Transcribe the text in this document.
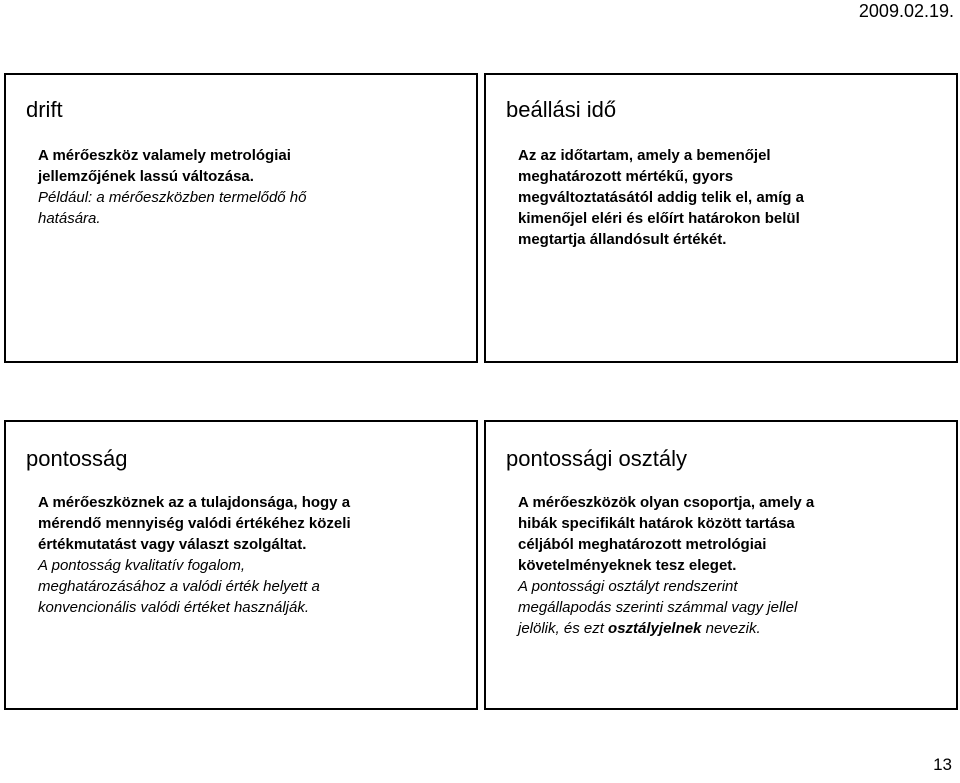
2009.02.19.
drift

A mérőeszköz valamely metrológiai

jellemzőjének lassú változása.

Például: a mérőeszközben termelődő hő

hatására.

beállási idő

Az az időtartam, amely a bemenőjel

meghatározott mértékű, gyors

megváltoztatásától addig telik el, amíg a

kimenőjel eléri és előírt határokon belül

megtartja állandósult értékét.

pontosság

A mérőeszköznek az a tulajdonsága, hogy a

mérendő mennyiség valódi értékéhez közeli

értékmutatást vagy választ szolgáltat.

A pontosság kvalitatív fogalom,

meghatározásához a valódi érték helyett a

konvencionális valódi értéket használják.

pontossági osztály

A mérőeszközök olyan csoportja, amely a

hibák specifikált határok között tartása

céljából meghatározott metrológiai

követelményeknek tesz eleget.

A pontossági osztályt rendszerint

megállapodás szerinti számmal vagy jellel

jelölik, és ezt osztályjelnek nevezik.

13
